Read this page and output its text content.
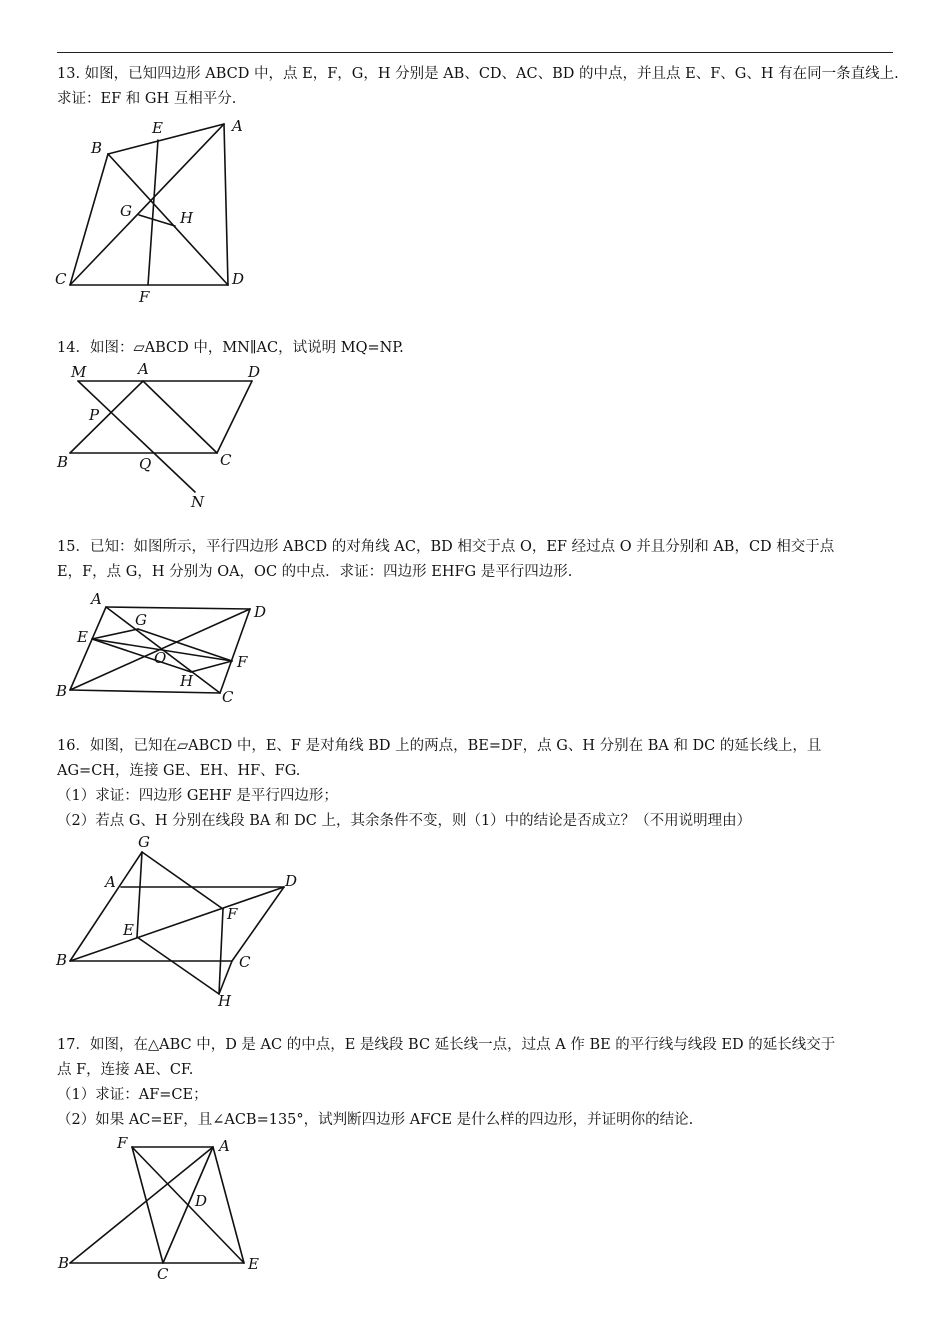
13. 如图，已知四边形 ABCD 中，点 E，F，G，H 分别是 AB、CD、AC、BD 的中点，并且点 E、F、G、H 有在同一条直线上.

求证：EF 和 GH 互相平分.

B
E	A
G	H
C	D
F

14．如图：▱ABCD 中，MN∥AC，试说明 MQ=NP.

M	A	D
P
B	Q	C
N

15．已知：如图所示，平行四边形 ABCD 的对角线 AC，BD 相交于点 O，EF 经过点 O 并且分别和 AB，CD 相交于点

E，F，点 G，H 分别为 OA，OC 的中点．求证：四边形 EHFG 是平行四边形.

A
G	D
E
O	F
H
B	C

16．如图，已知在▱ABCD 中，E、F 是对角线 BD 上的两点，BE=DF，点 G、H 分别在 BA 和 DC 的延长线上，且

AG=CH，连接 GE、EH、HF、FG.

（1）求证：四边形 GEHF 是平行四边形；

（2）若点 G、H 分别在线段 BA 和 DC 上，其余条件不变，则（1）中的结论是否成立？（不用说明理由）

G
A	D
F
E
B	C
H

17．如图，在△ABC 中，D 是 AC 的中点，E 是线段 BC 延长线一点，过点 A 作 BE 的平行线与线段 ED 的延长线交于

点 F，连接 AE、CF.

（1）求证：AF=CE；

（2）如果 AC=EF，且∠ACB=135°，试判断四边形 AFCE 是什么样的四边形，并证明你的结论.

F	A
D
B
C
E
